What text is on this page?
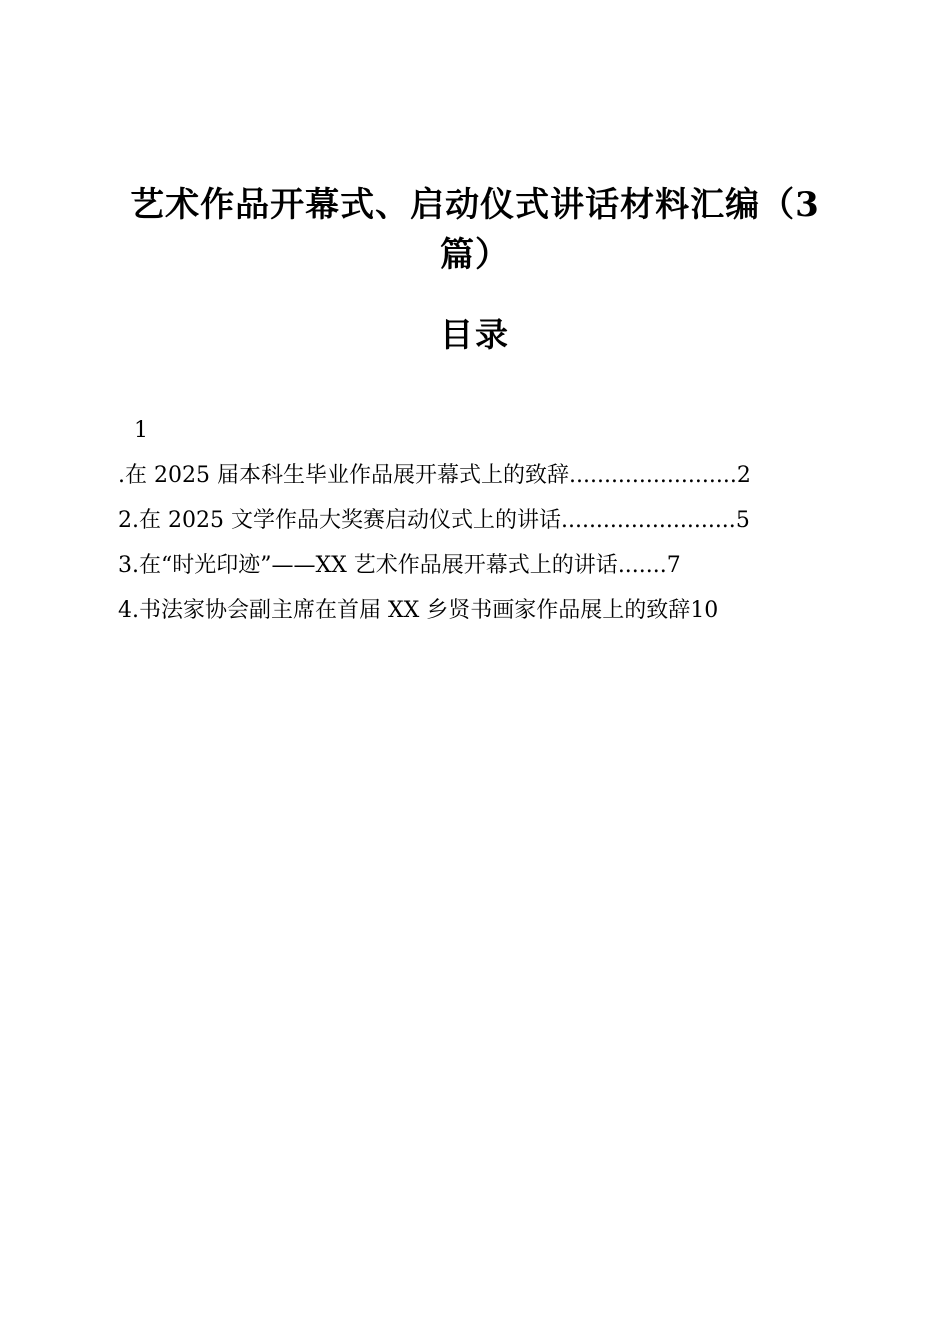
艺术作品开幕式、启动仪式讲话材料汇编（3篇）
目录
1
.在 2025 届本科生毕业作品展开幕式上的致辞........................2
2.在 2025 文学作品大奖赛启动仪式上的讲话.........................5
3.在“时光印迹”——XX 艺术作品展开幕式上的讲话.......7
4.书法家协会副主席在首届 XX 乡贤书画家作品展上的致辞10
